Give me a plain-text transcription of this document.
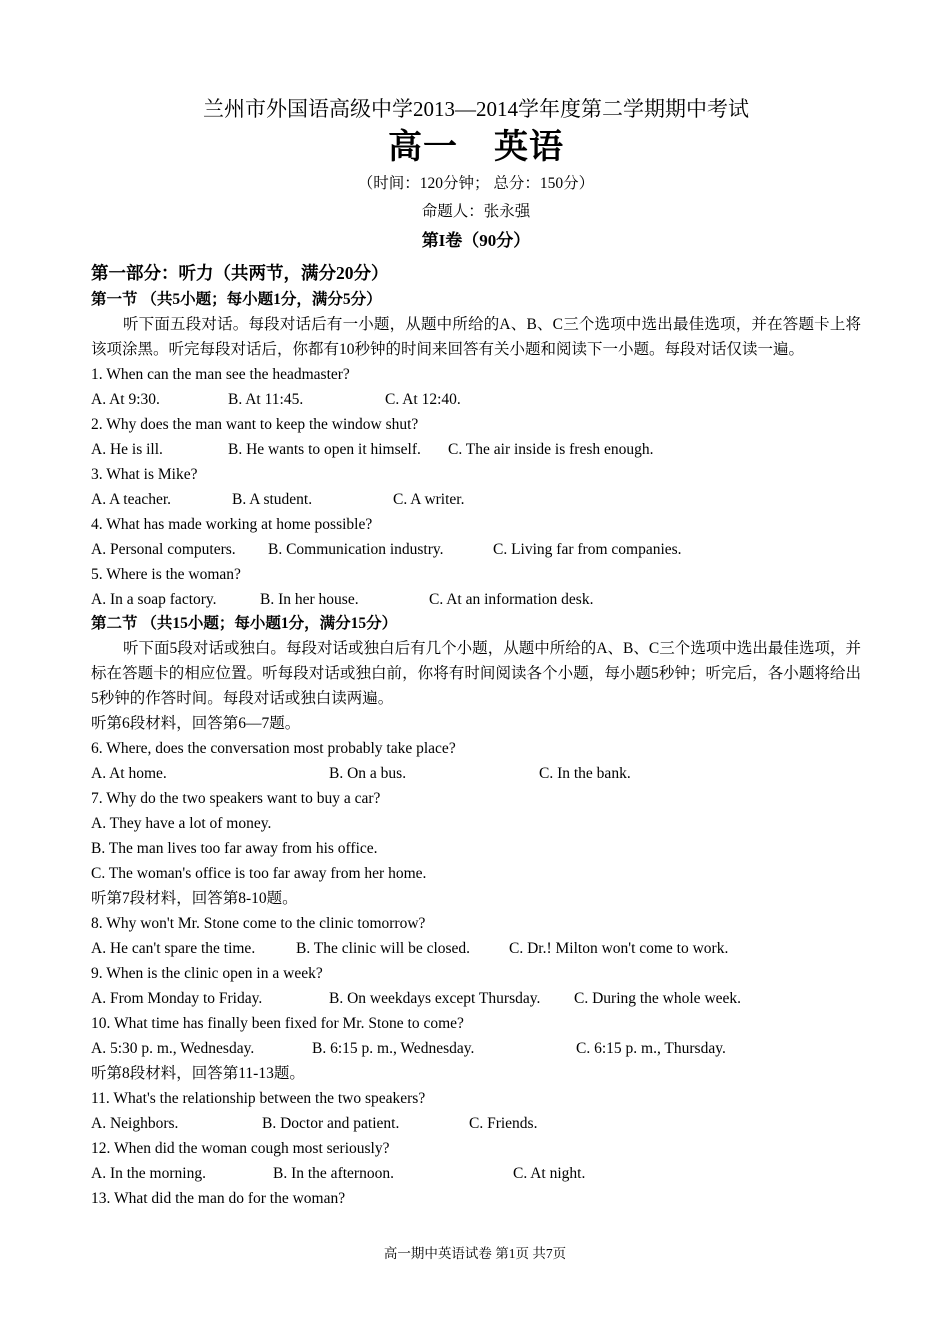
兰州市外国语高级中学2013—2014学年度第二学期期中考试
高一 英语
（时间：120分钟； 总分：150分）
命题人：张永强
第I卷（90分）
第一部分：听力（共两节，满分20分）
第一节 （共5小题；每小题1分，满分5分）
听下面五段对话。每段对话后有一小题，从题中所给的A、B、C三个选项中选出最佳选项，并在答题卡上将该项涂黑。听完每段对话后，你都有10秒钟的时间来回答有关小题和阅读下一小题。每段对话仅读一遍。
1. When can the man see the headmaster?
A. At 9:30.	B. At 11:45.	C. At 12:40.
2. Why does the man want to keep the window shut?
A. He is ill.	B. He wants to open it himself. C. The air inside is fresh enough.
3. What is Mike?
A. A teacher.	B. A student.	C. A writer.
4. What has made working at home possible?
A. Personal computers. B. Communication industry.	C. Living far from companies.
5. Where is the woman?
A. In a soap factory.	B. In her house.	C. At an information desk.
第二节 （共15小题；每小题1分，满分15分）
听下面5段对话或独白。每段对话或独白后有几个小题，从题中所给的A、B、C三个选项中选出最佳选项，并标在答题卡的相应位置。听每段对话或独白前，你将有时间阅读各个小题，每小题5秒钟；听完后，各小题将给出5秒钟的作答时间。每段对话或独白读两遍。
听第6段材料，回答第6—7题。
6. Where, does the conversation most probably take place?
A. At home.	B. On a bus.	C. In the bank.
7. Why do the two speakers want to buy a car?
A. They have a lot of money.
B. The man lives too far away from his office.
C. The woman's office is too far away from her home.
听第7段材料，回答第8-10题。
8. Why won't Mr. Stone come to the clinic tomorrow?
A. He can't spare the time.	B. The clinic will be closed.	C. Dr.! Milton won't come to work.
9. When is the clinic open in a week?
A. From Monday to Friday.	B. On weekdays except Thursday. C. During the whole week.
10. What time has finally been fixed for Mr. Stone to come?
A. 5:30 p. m., Wednesday.	B. 6:15 p. m., Wednesday.	C. 6:15 p. m., Thursday.
听第8段材料，回答第11-13题。
11. What's the relationship between the two speakers?
A. Neighbors.	B. Doctor and patient.	C. Friends.
12. When did the woman cough most seriously?
A. In the morning.	B. In the afternoon.	C. At night.
13. What did the man do for the woman?
高一期中英语试卷 第1页 共7页
